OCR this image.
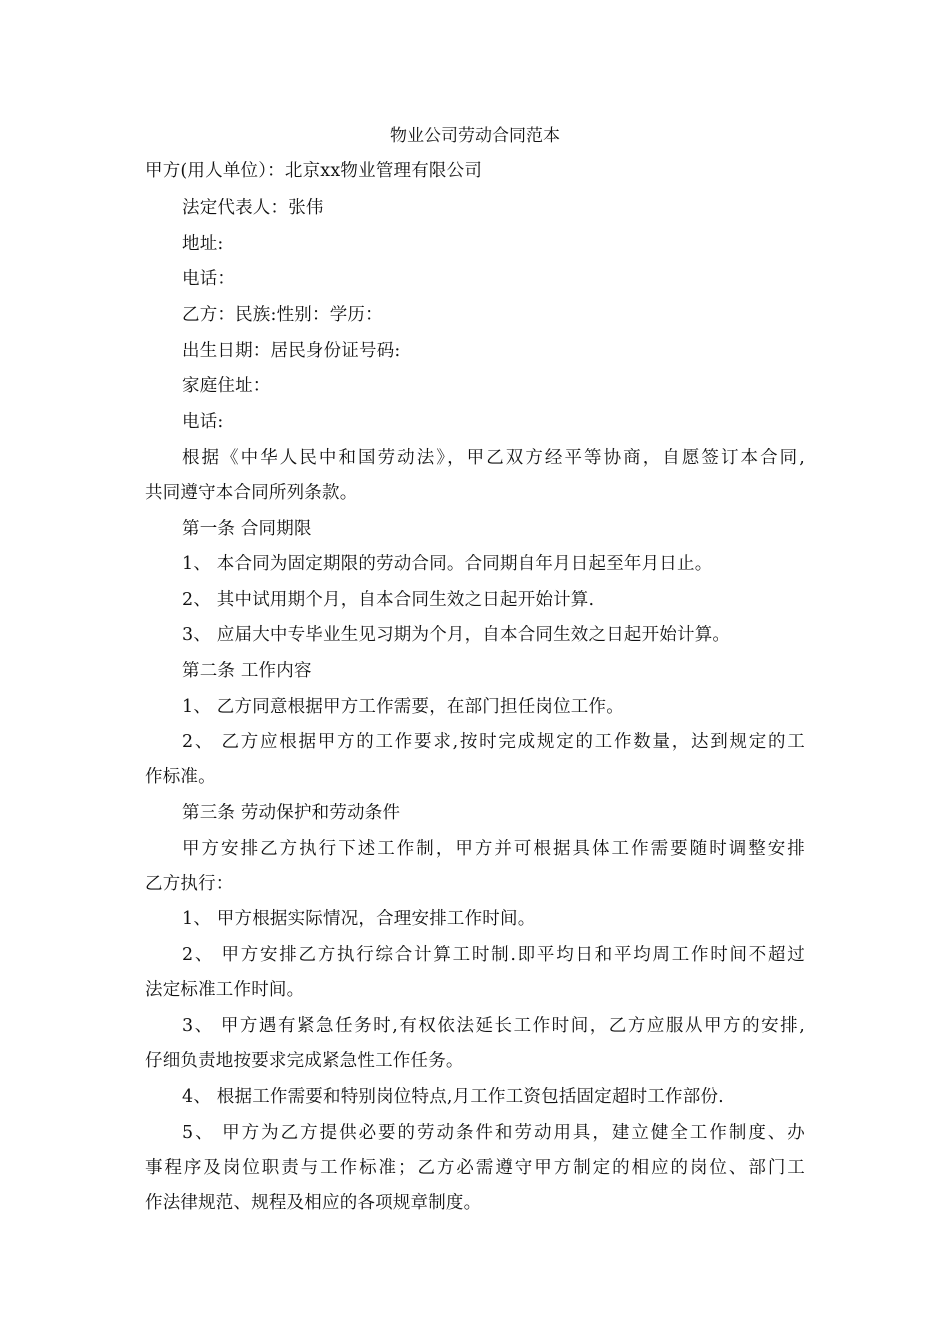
物业公司劳动合同范本
甲方(用人单位）：北京xx物业管理有限公司
法定代表人：张伟
地址:
电话：
乙方：民族:性别：学历：
出生日期：居民身份证号码:
家庭住址：
电话:
根据《中华人民中和国劳动法》，甲乙双方经平等协商，自愿签订本合同,
共同遵守本合同所列条款。
第一条 合同期限
1、 本合同为固定期限的劳动合同。合同期自年月日起至年月日止。
2、 其中试用期个月，自本合同生效之日起开始计算.
3、 应届大中专毕业生见习期为个月，自本合同生效之日起开始计算。
第二条 工作内容
1、 乙方同意根据甲方工作需要，在部门担任岗位工作。
2、 乙方应根据甲方的工作要求,按时完成规定的工作数量，达到规定的工
作标准。
第三条 劳动保护和劳动条件
甲方安排乙方执行下述工作制，甲方并可根据具体工作需要随时调整安排
乙方执行：
1、 甲方根据实际情况，合理安排工作时间。
2、 甲方安排乙方执行综合计算工时制.即平均日和平均周工作时间不超过
法定标准工作时间。
3、 甲方遇有紧急任务时,有权依法延长工作时间，乙方应服从甲方的安排,
仔细负责地按要求完成紧急性工作任务。
4、 根据工作需要和特别岗位特点,月工作工资包括固定超时工作部份.
5、 甲方为乙方提供必要的劳动条件和劳动用具，建立健全工作制度、办
事程序及岗位职责与工作标准；乙方必需遵守甲方制定的相应的岗位、部门工
作法律规范、规程及相应的各项规章制度。
